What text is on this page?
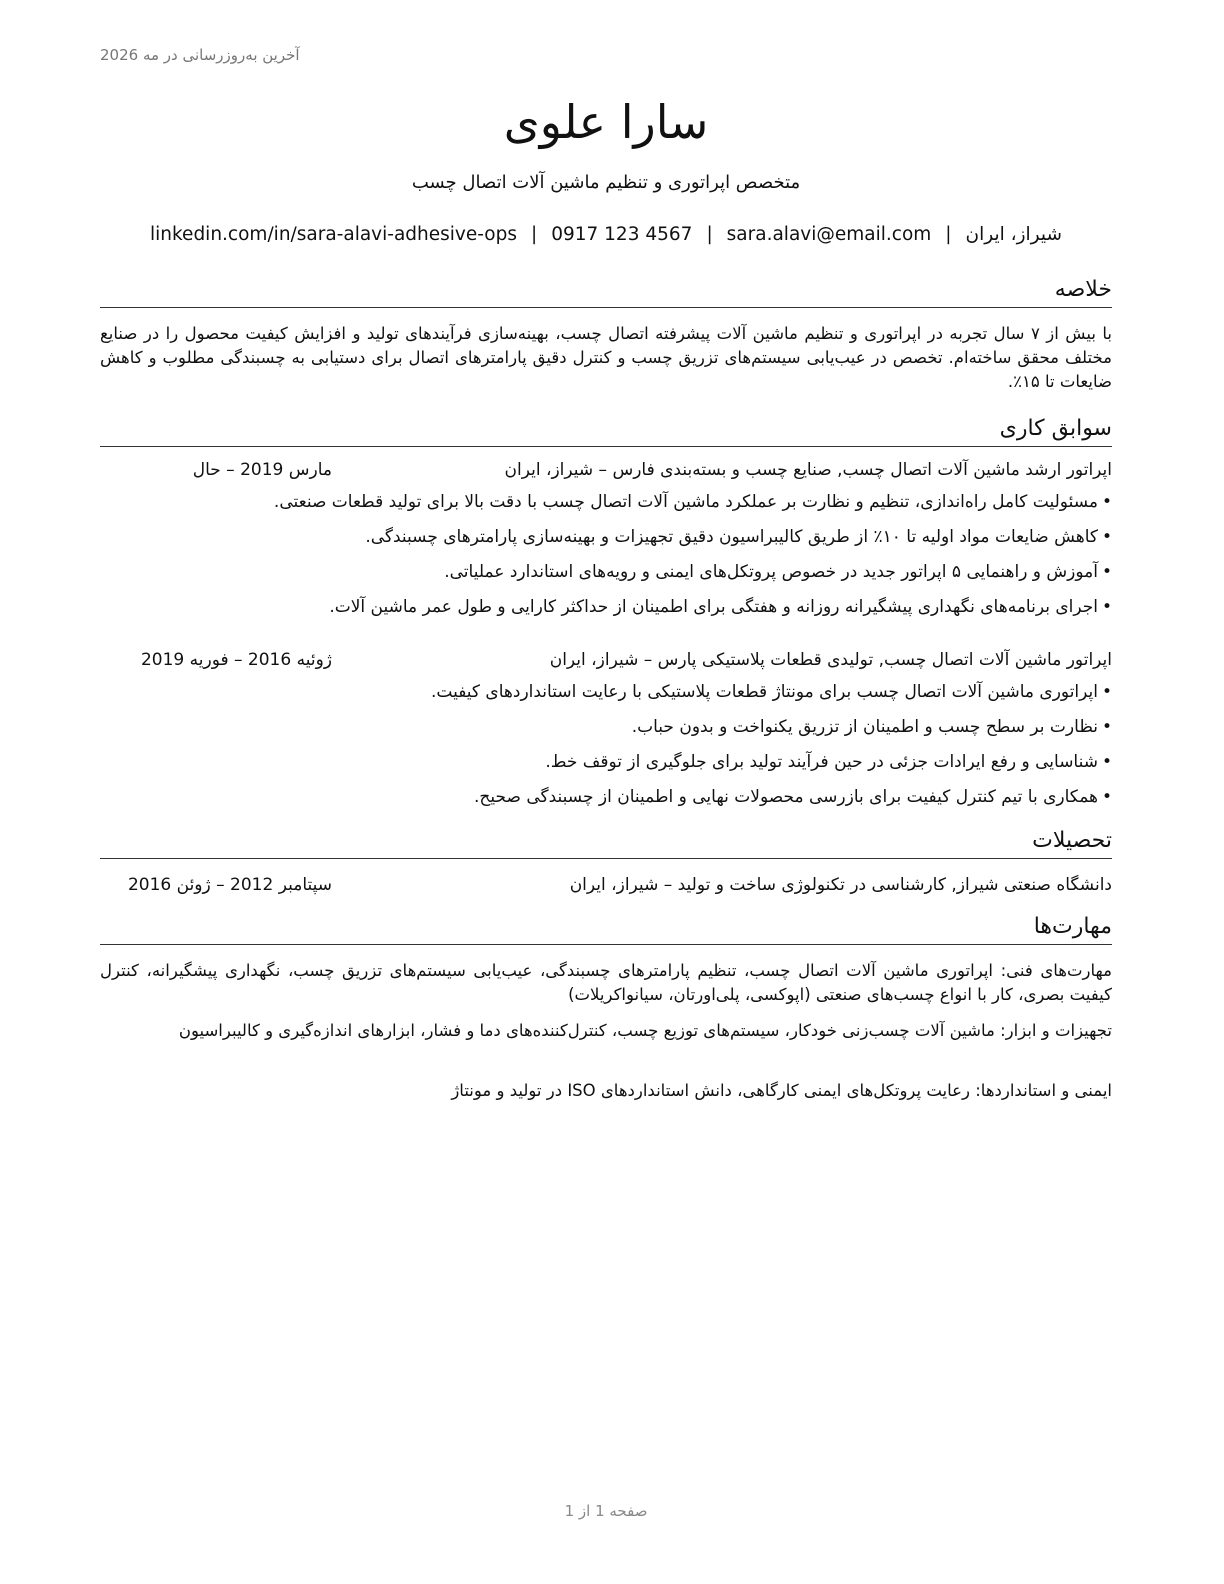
آخرین به‌روزرسانی در مه 2026
سارا علوی
متخصص اپراتوری و تنظیم ماشین آلات اتصال چسب
شیراز، ایران|sara.alavi@email.com|0917 123 4567|linkedin.com/in/sara-alavi-adhesive-ops
خلاصه
با بیش از ۷ سال تجربه در اپراتوری و تنظیم ماشین آلات پیشرفته اتصال چسب، بهینه‌سازی فرآیندهای تولید و افزایش کیفیت محصول را در صنایع مختلف محقق ساخته‌ام. تخصص در عیب‌یابی سیستم‌های تزریق چسب و کنترل دقیق پارامترهای اتصال برای دستیابی به چسبندگی مطلوب و کاهش ضایعات تا ۱۵٪.
سوابق کاری
اپراتور ارشد ماشین آلات اتصال چسب, صنایع چسب و بسته‌بندی فارس – شیراز، ایران
مارس 2019 – حال
•مسئولیت کامل راه‌اندازی، تنظیم و نظارت بر عملکرد ماشین آلات اتصال چسب با دقت بالا برای تولید قطعات صنعتی.
•کاهش ضایعات مواد اولیه تا ۱۰٪ از طریق کالیبراسیون دقیق تجهیزات و بهینه‌سازی پارامترهای چسبندگی.
•آموزش و راهنمایی ۵ اپراتور جدید در خصوص پروتکل‌های ایمنی و رویه‌های استاندارد عملیاتی.
•اجرای برنامه‌های نگهداری پیشگیرانه روزانه و هفتگی برای اطمینان از حداکثر کارایی و طول عمر ماشین آلات.
اپراتور ماشین آلات اتصال چسب, تولیدی قطعات پلاستیکی پارس – شیراز، ایران
ژوئیه 2016 – فوریه 2019
•اپراتوری ماشین آلات اتصال چسب برای مونتاژ قطعات پلاستیکی با رعایت استانداردهای کیفیت.
•نظارت بر سطح چسب و اطمینان از تزریق یکنواخت و بدون حباب.
•شناسایی و رفع ایرادات جزئی در حین فرآیند تولید برای جلوگیری از توقف خط.
•همکاری با تیم کنترل کیفیت برای بازرسی محصولات نهایی و اطمینان از چسبندگی صحیح.
تحصیلات
دانشگاه صنعتی شیراز, کارشناسی در تکنولوژی ساخت و تولید – شیراز، ایران
سپتامبر 2012 – ژوئن 2016
مهارت‌ها
مهارت‌های فنی: اپراتوری ماشین آلات اتصال چسب، تنظیم پارامترهای چسبندگی، عیب‌یابی سیستم‌های تزریق چسب، نگهداری پیشگیرانه، کنترل کیفیت بصری، کار با انواع چسب‌های صنعتی (اپوکسی، پلی‌اورتان، سیانواکریلات)
تجهیزات و ابزار: ماشین آلات چسب‌زنی خودکار، سیستم‌های توزیع چسب، کنترل‌کننده‌های دما و فشار، ابزارهای اندازه‌گیری و کالیبراسیون
ایمنی و استانداردها: رعایت پروتکل‌های ایمنی کارگاهی، دانش استانداردهای ISO در تولید و مونتاژ
صفحه 1 از 1
